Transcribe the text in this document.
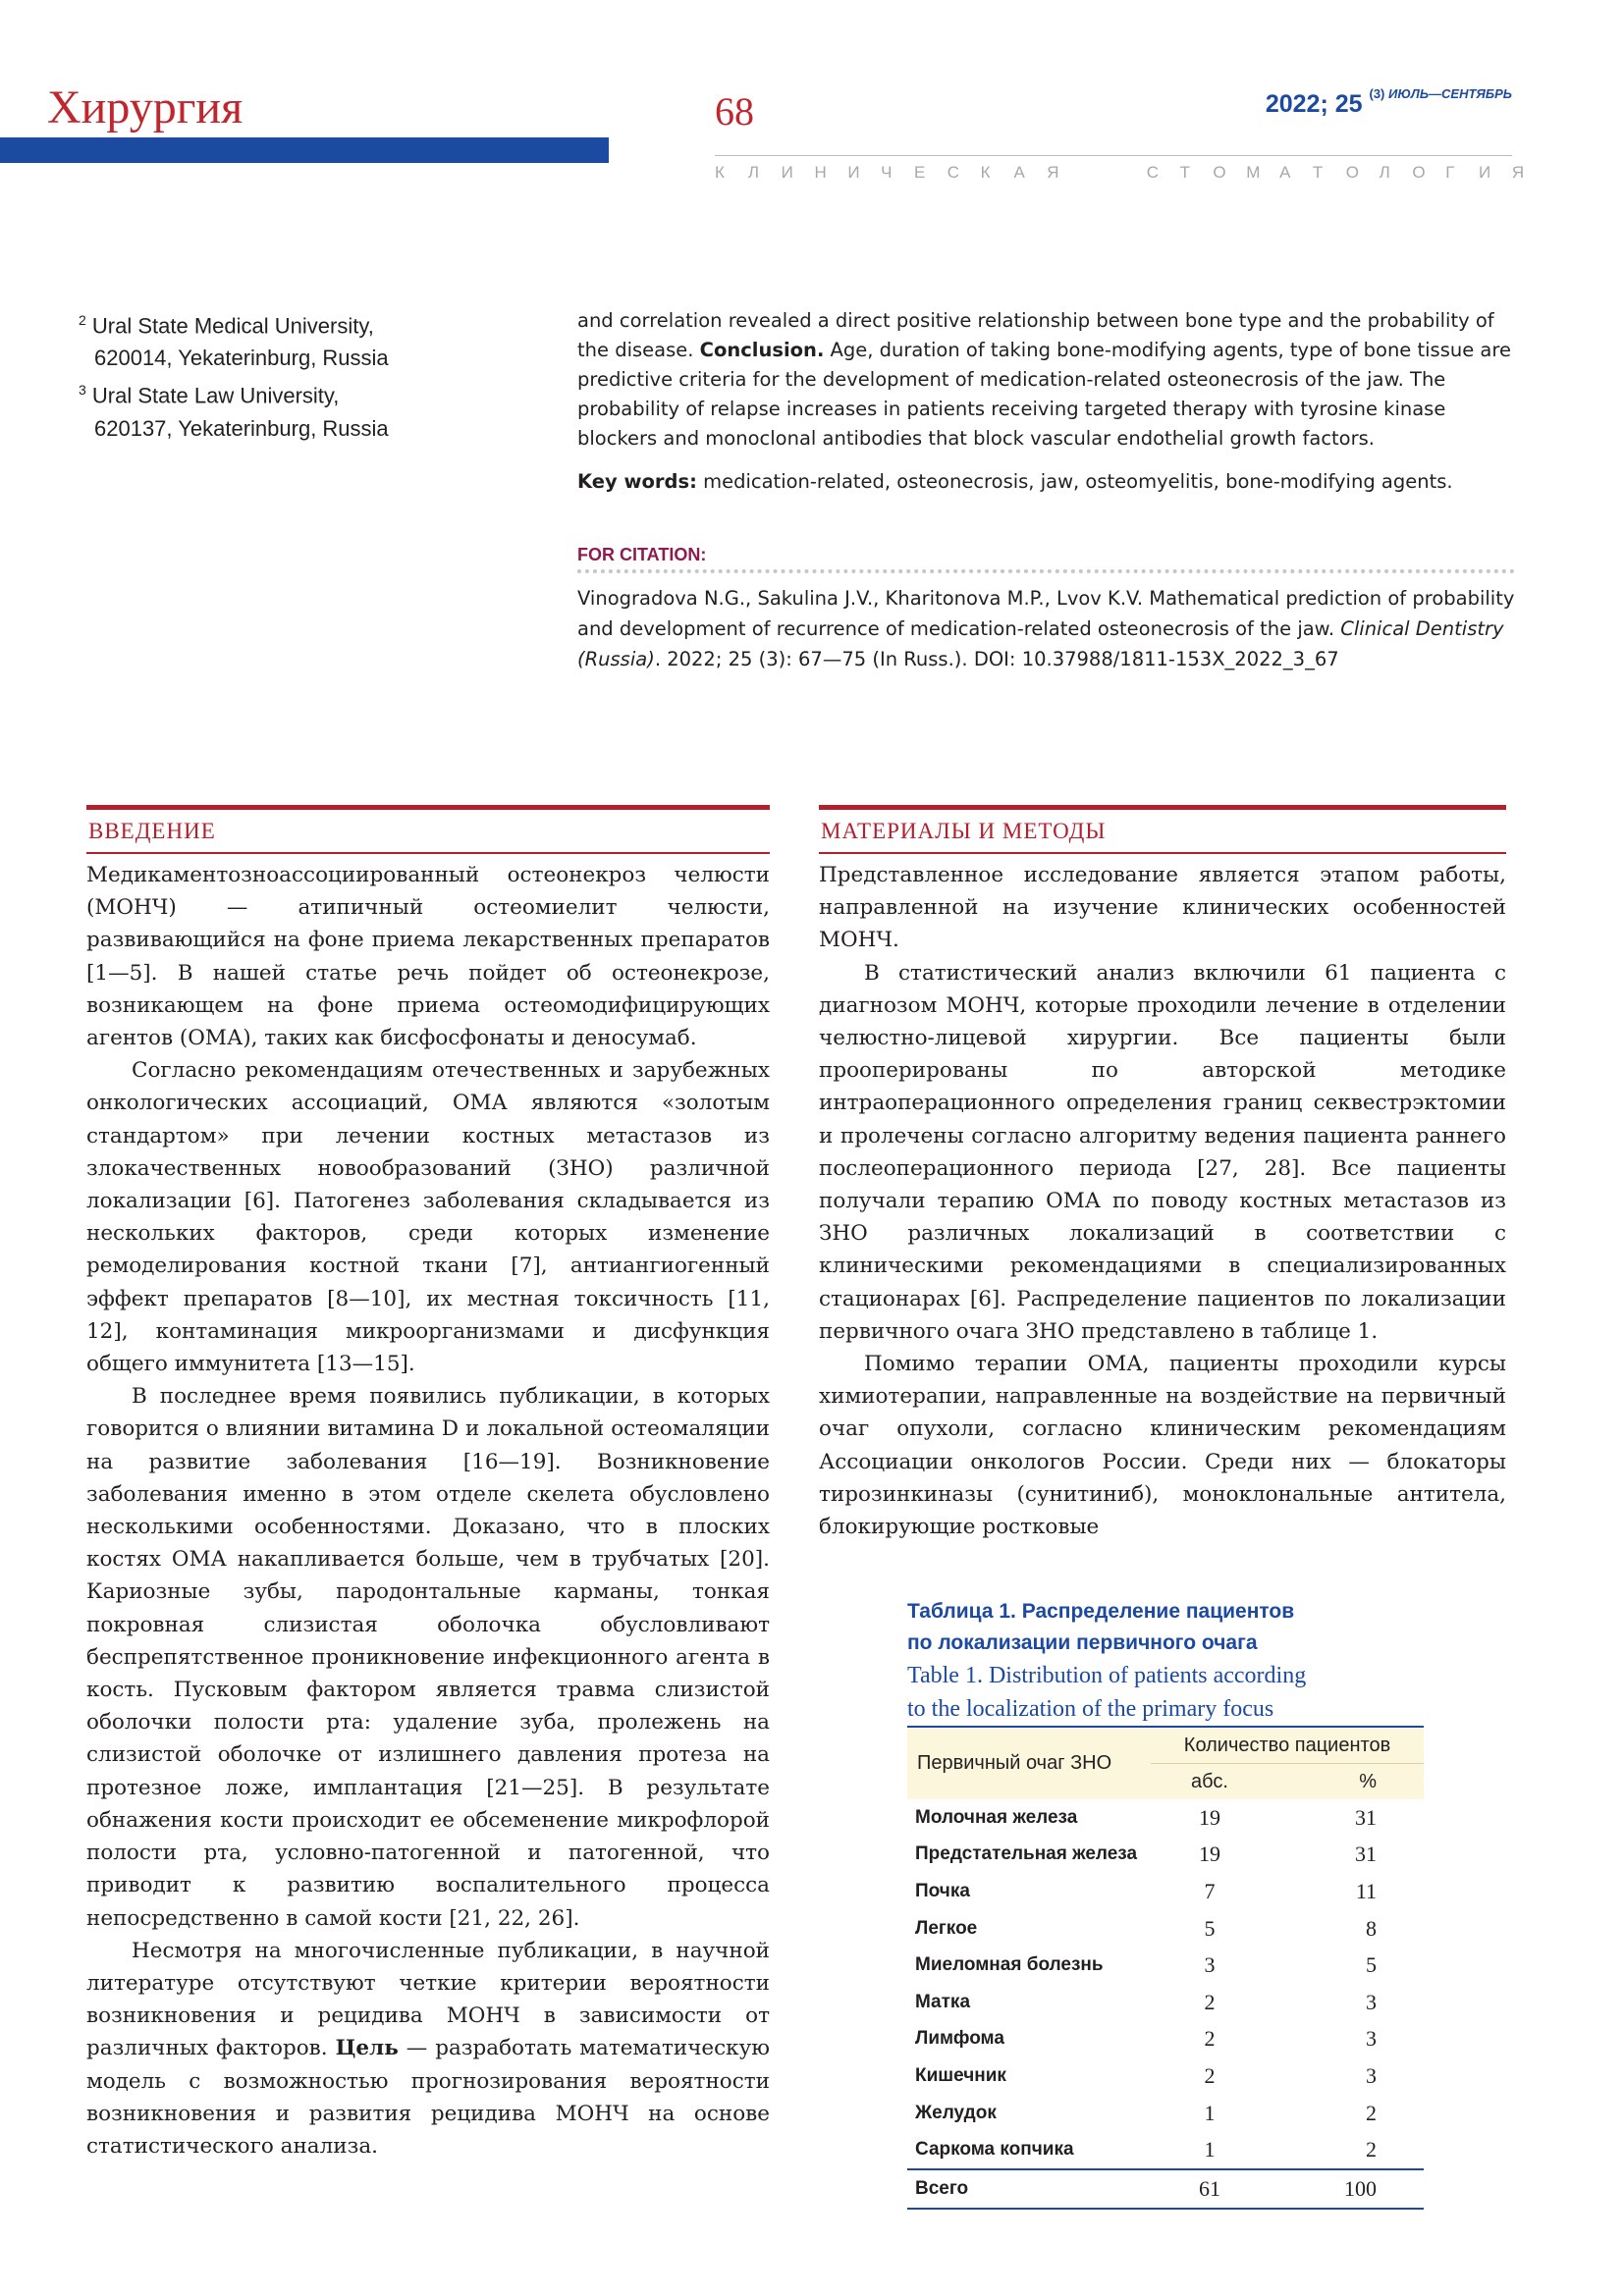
Хирургия	68	2022; 25 $^{(3) ИЮЛЬ—СЕНТЯБРЬ}$
К Л И Н И Ч Е С К А Я	С Т О М А Т О Л О Г И Я
$^2$ Ural State Medical University,
620014, Yekaterinburg, Russia
$^3$ Ural State Law University,
620137, Yekaterinburg, Russia

and correlation revealed a direct positive relationship between bone type and the probability of the disease. Conclusion. Age, duration of taking bone-modifying agents, type of bone tissue are predictive criteria for the development of medication-related osteonecrosis of the jaw. The probability of relapse increases in patients receiving targeted therapy with tyrosine kinase blockers and monoclonal antibodies that block vascular endothelial growth factors.

Key words: medication-related, osteonecrosis, jaw, osteomyelitis, bone-modifying agents.

FOR CITATION:
Vinogradova N.G., Sakulina J.V., Kharitonova M.P., Lvov K.V. Mathematical prediction of probability and development of recurrence of medication-related osteonecrosis of the jaw. Clinical Dentistry (Russia). 2022; 25 (3): 67—75 (In Russ.). DOI: 10.37988/1811-153X_2022_3_67
ВВЕДЕНИЕ

Медикаментозноассоциированный остеонекроз челюсти (МОНЧ) — атипичный остеомиелит челюсти, развивающийся на фоне приема лекарственных препаратов [1—5]. В нашей статье речь пойдет об остеонекрозе, возникающем на фоне приема остеомодифицирующих агентов (ОМА), таких как бисфосфонаты и деносумаб.

Согласно рекомендациям отечественных и зарубежных онкологических ассоциаций, ОМА являются «золотым стандартом» при лечении костных метастазов из злокачественных новообразований (ЗНО) различной локализации [6]. Патогенез заболевания складывается из нескольких факторов, среди которых изменение ремоделирования костной ткани [7], антиангиогенный эффект препаратов [8—10], их местная токсичность [11, 12], контаминация микроорганизмами и дисфункция общего иммунитета [13—15].

В последнее время появились публикации, в которых говорится о влиянии витамина D и локальной остеомаляции на развитие заболевания [16—19]. Возникновение заболевания именно в этом отделе скелета обусловлено несколькими особенностями. Доказано, что в плоских костях ОМА накапливается больше, чем в трубчатых [20]. Кариозные зубы, пародонтальные карманы, тонкая покровная слизистая оболочка обусловливают беспрепятственное проникновение инфекционного агента в кость. Пусковым фактором является травма слизистой оболочки полости рта: удаление зуба, пролежень на слизистой оболочке от излишнего давления протеза на протезное ложе, имплантация [21—25]. В результате обнажения кости происходит ее обсеменение микрофлорой полости рта, условно-патогенной и патогенной, что приводит к развитию воспалительного процесса непосредственно в самой кости [21, 22, 26].

Несмотря на многочисленные публикации, в научной литературе отсутствуют четкие критерии вероятности возникновения и рецидива МОНЧ в зависимости от различных факторов. Цель — разработать математическую модель с возможностью прогнозирования вероятности возникновения и развития рецидива МОНЧ на основе статистического анализа.

МАТЕРИАЛЫ И МЕТОДЫ

Представленное исследование является этапом работы, направленной на изучение клинических особенностей МОНЧ.

В статистический анализ включили 61 пациента с диагнозом МОНЧ, которые проходили лечение в отделении челюстно-лицевой хирургии. Все пациенты были прооперированы по авторской методике интраоперационного определения границ секвестрэктомии и пролечены согласно алгоритму ведения пациента раннего послеоперационного периода [27, 28]. Все пациенты получали терапию ОМА по поводу костных метастазов из ЗНО различных локализаций в соответствии с клиническими рекомендациями в специализированных стационарах [6]. Распределение пациентов по локализации первичного очага ЗНО представлено в таблице 1.

Помимо терапии ОМА, пациенты проходили курсы химиотерапии, направленные на воздействие на первичный очаг опухоли, согласно клиническим рекомендациям Ассоциации онкологов России. Среди них — блокаторы тирозинкиназы (сунитиниб), моноклональные антитела, блокирующие ростковые

Таблица 1. Распределение пациентов
по локализации первичного очага
Table 1. Distribution of patients according
to the localization of the primary focus
Первичный очаг ЗНО	Количество пациентов	
	абс.	%
Молочная железа	19	31
Предстательная железа	19	31
Почка	7	11
Легкое	5	8
Миеломная болезнь	3	5
Матка	2	3
Лимфома	2	3
Кишечник	2	3
Желудок	1	2
Саркома копчика	1	2
Всего	61	100
